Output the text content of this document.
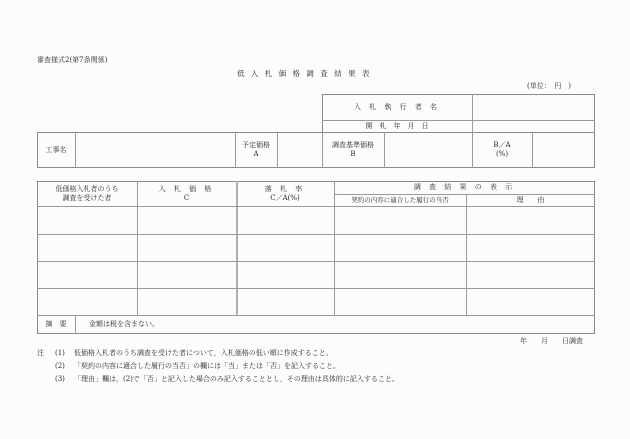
審査様式2(第7条関係)
低 入 札 価 格 調 査 結 果 表
(単位：　円　)
入 札 執 行 者 名
開　札　年　月　日
工事名
予定価格
A
調査基準価格
B
B／A
(%)
低価格入札者のうち
調査を受けた者
入 札 価 格
C
落 札 率
C／A(%)
調 査 結 果 の 表 示
契約の内容に適合した履行の当否	理　　由
摘　要	金額は税を含まない。
年　　月　　日調査
注 (1) 低価格入札者のうち調査を受けた者について，入札価格の低い順に作成すること。
(2) 「契約の内容に適合した履行の当否」の欄には「当」または「否」を記入すること。
(3) 「理由」欄は，(2)で「否」と記入した場合のみ記入することとし，その理由は具体的に記入すること。
